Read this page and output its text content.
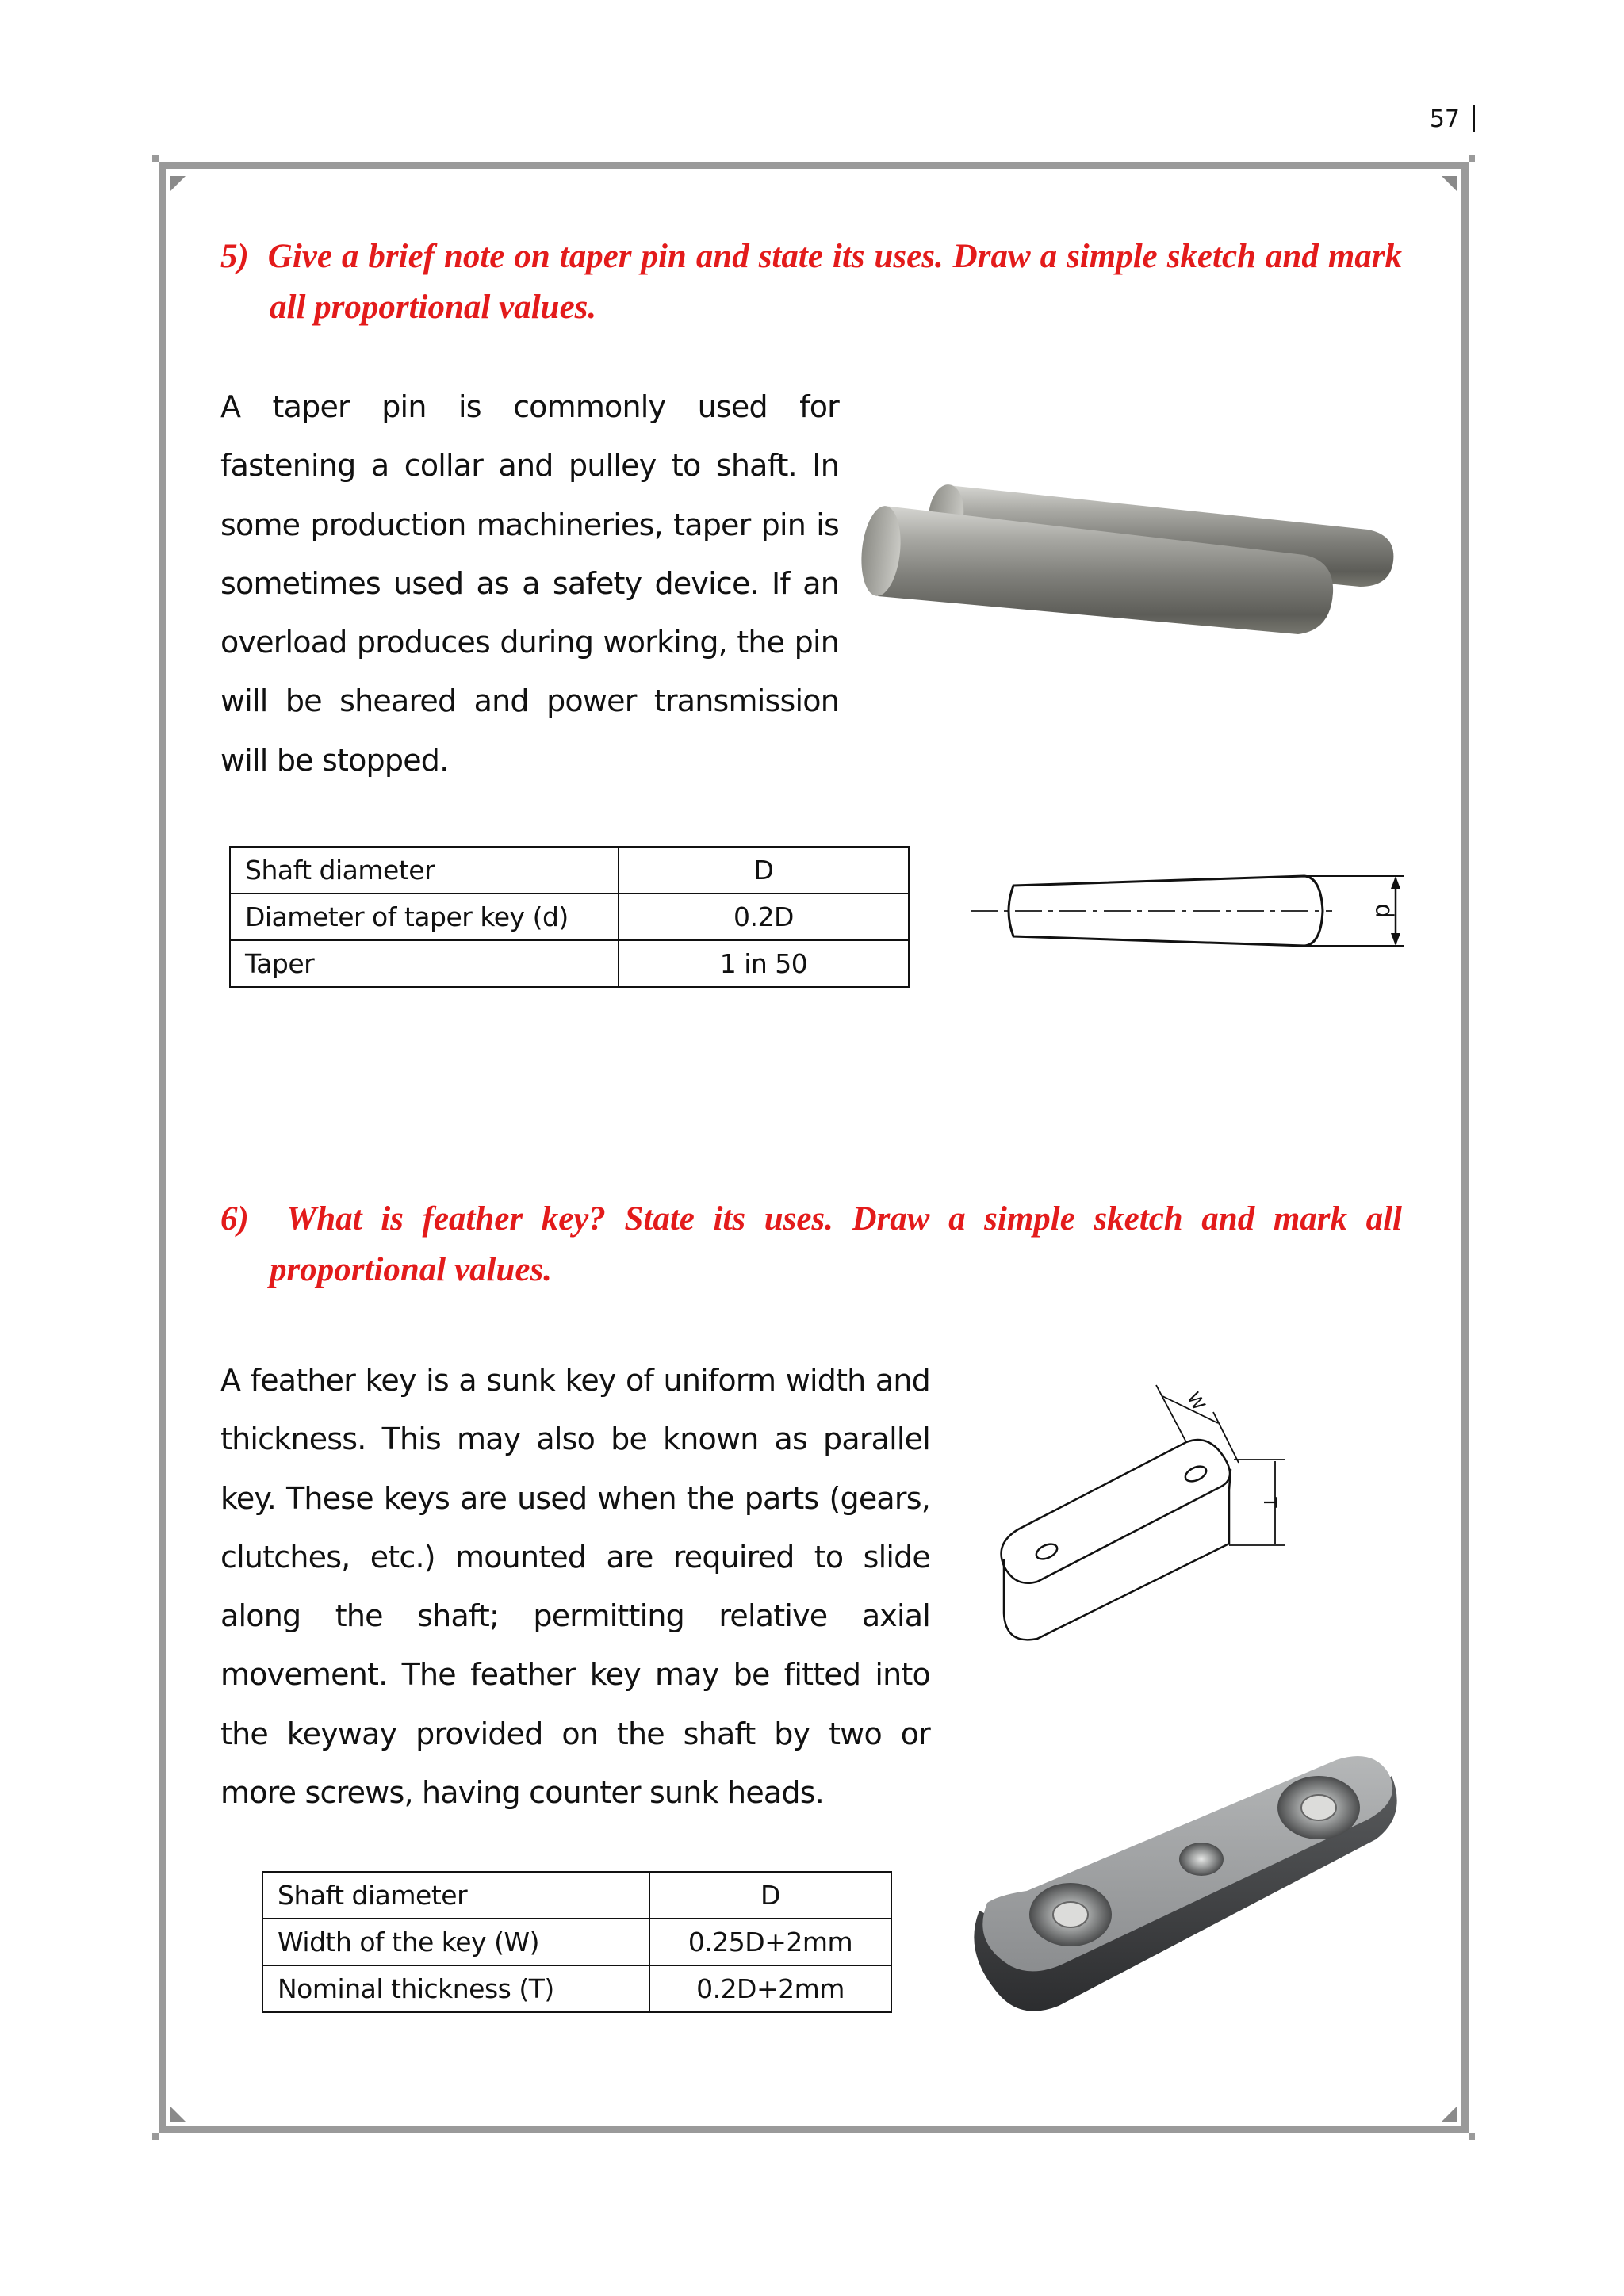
57
5) Give a brief note on taper pin and state its uses. Draw a simple sketch and mark all proportional values.

A taper pin is commonly used for fastening a collar and pulley to shaft. In some production machineries, taper pin is sometimes used as a safety device. If an overload produces during working, the pin will be sheared and power transmission will be stopped.

Shaft diameter	D
Diameter of taper key (d)	0.2D
Taper	1 in 50
d
6) What is feather key? State its uses. Draw a simple sketch and mark all proportional values.

A feather key is a sunk key of uniform width and thickness. This may also be known as parallel key. These keys are used when the parts (gears, clutches, etc.) mounted are required to slide along the shaft; permitting relative axial movement. The feather key may be fitted into the keyway provided on the shaft by two or more screws, having counter sunk heads.

W
T
Shaft diameter	D
Width of the key (W)	0.25D+2mm
Nominal thickness (T)	0.2D+2mm
